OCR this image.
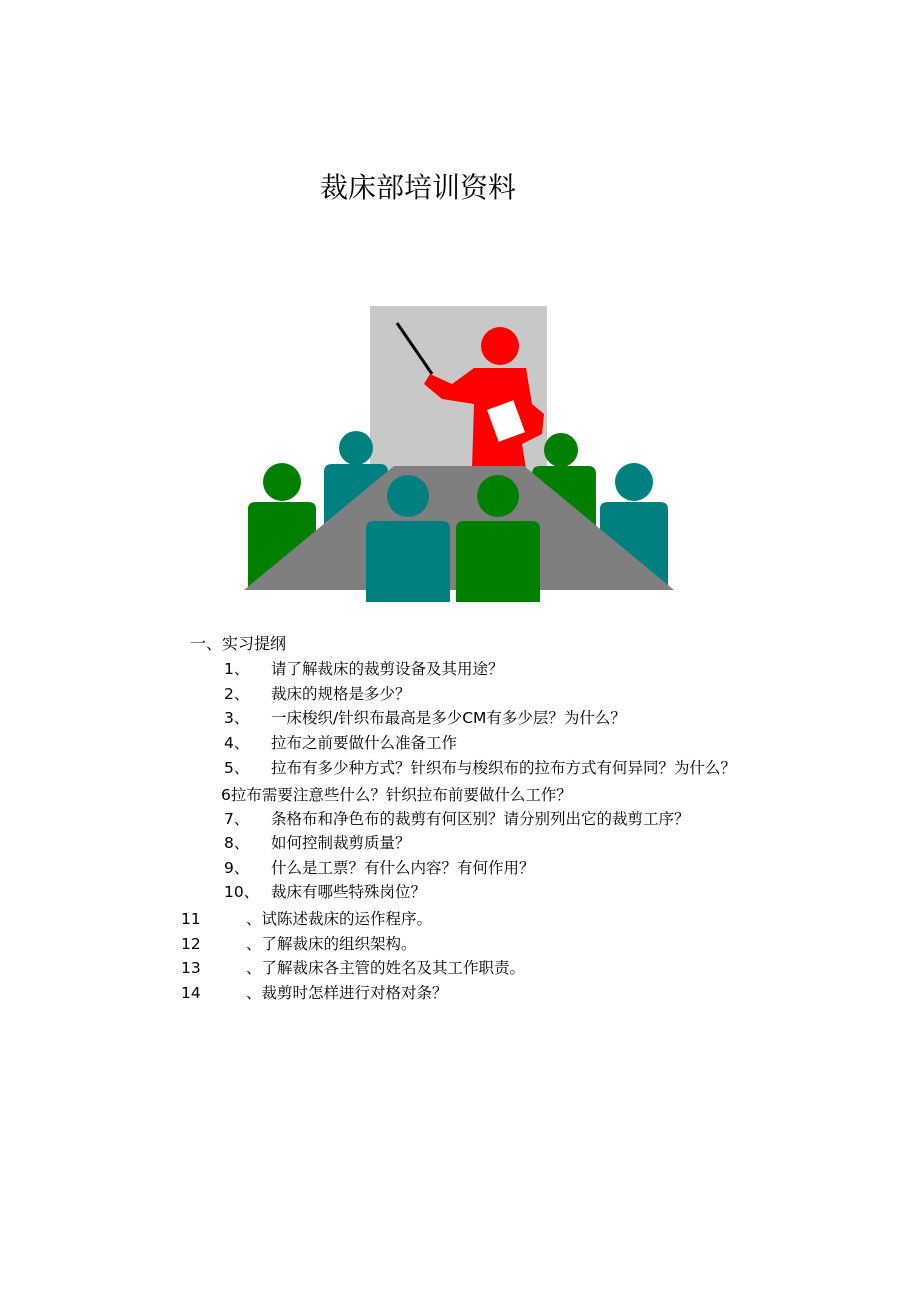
裁床部培训资料
一、实习提纲
1、 请了解裁床的裁剪设备及其用途？
2、 裁床的规格是多少？
3、 一床梭织/针织布最高是多少CM有多少层？为什么？
4、 拉布之前要做什么准备工作
5、 拉布有多少种方式？针织布与梭织布的拉布方式有何异同？为什么？
6拉布需要注意些什么？针织拉布前要做什么工作？
7、 条格布和净色布的裁剪有何区别？请分别列出它的裁剪工序？
8、 如何控制裁剪质量？
9、 什么是工票？有什么内容？有何作用？
10、 裁床有哪些特殊岗位？
11	、试陈述裁床的运作程序。
12	、了解裁床的组织架构。
13	、了解裁床各主管的姓名及其工作职责。
14	、裁剪时怎样进行对格对条？
